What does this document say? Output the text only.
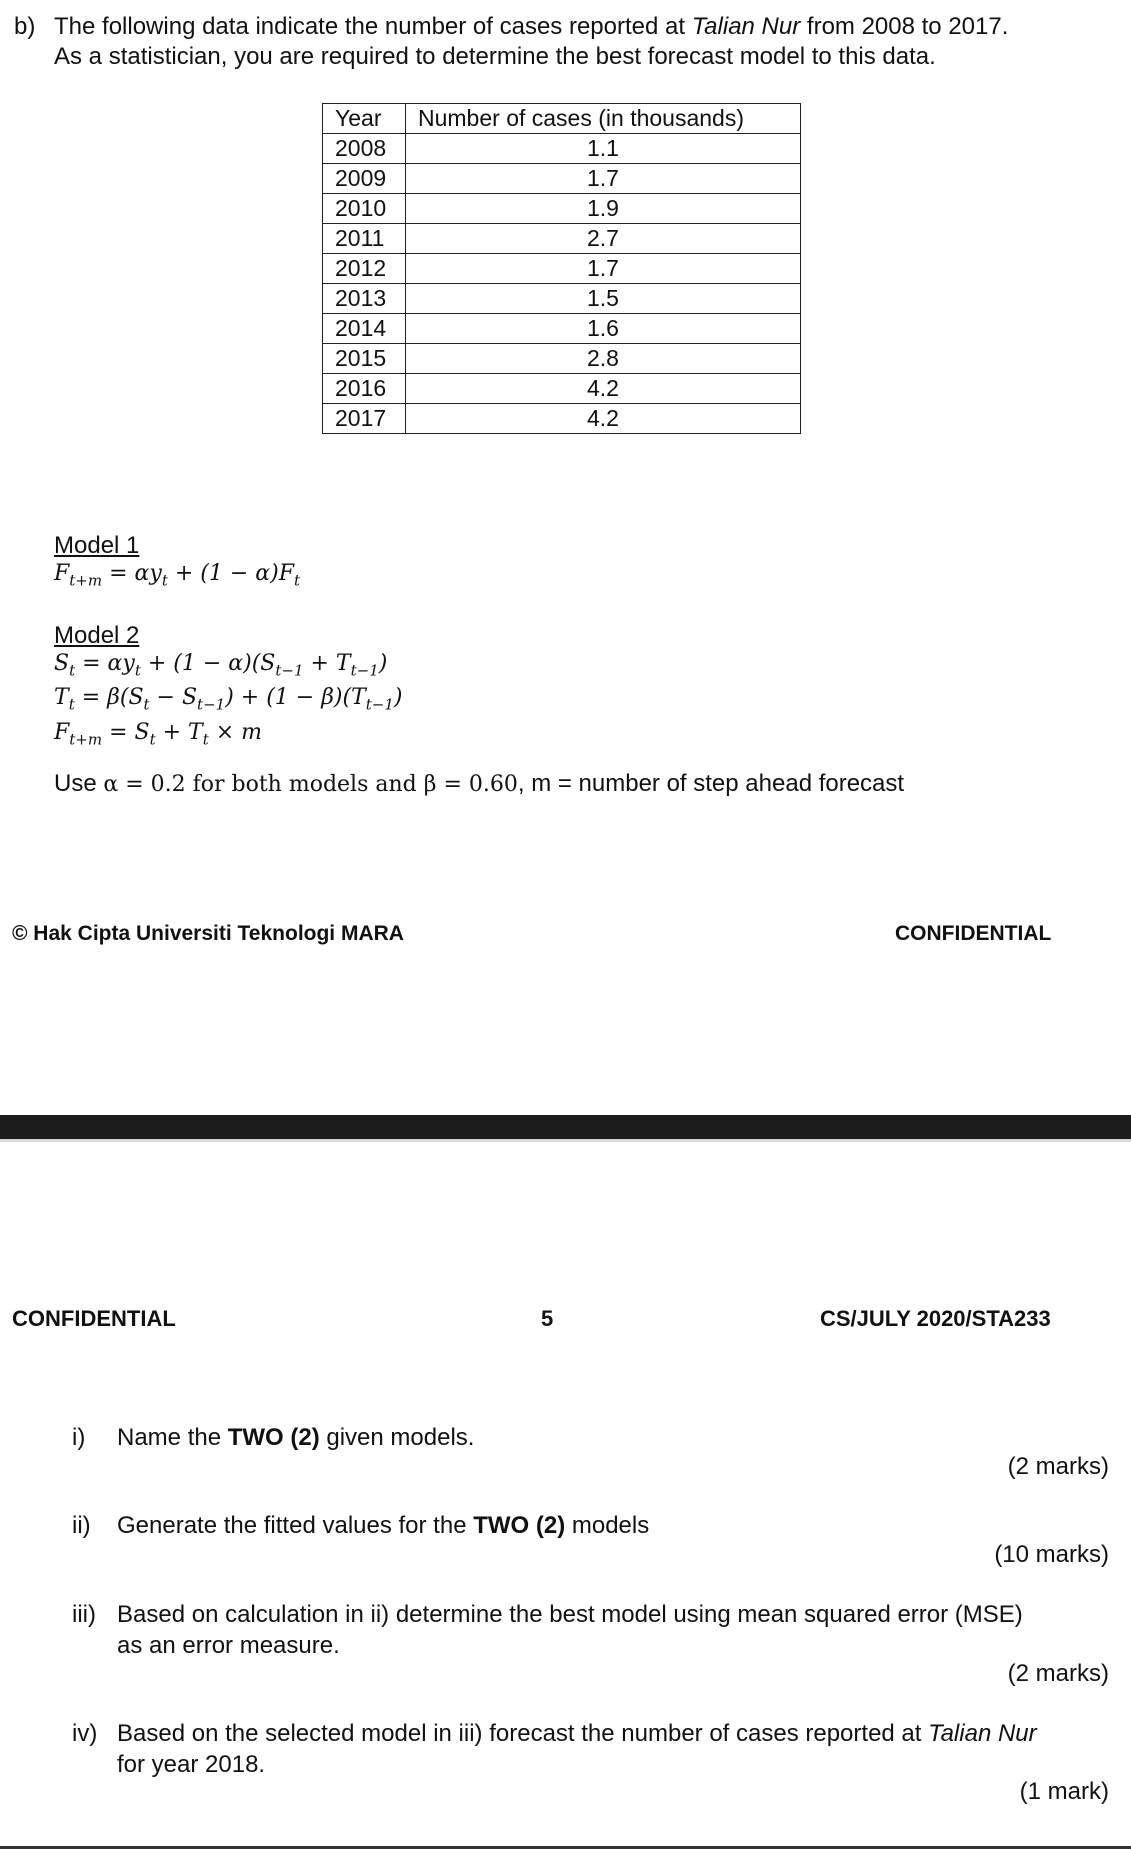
b) The following data indicate the number of cases reported at Talian Nur from 2008 to 2017.
As a statistician, you are required to determine the best forecast model to this data.
Year	Number of cases (in thousands)
2008	1.1
2009	1.7
2010	1.9
2011	2.7
2012	1.7
2013	1.5
2014	1.6
2015	2.8
2016	4.2
2017	4.2
Model 1
$F_{t+m} = \alpha y_t + (1 - \alpha)F_t$
Model 2
$S_t = \alpha y_t + (1 - \alpha)(S_{t-1} + T_{t-1})$
$T_t = \beta(S_t - S_{t-1}) + (1 - \beta)(T_{t-1})$
$F_{t+m} = S_t + T_t \times m$
Use α = 0.2 for both models and β = 0.60, m = number of step ahead forecast
© Hak Cipta Universiti Teknologi MARA	CONFIDENTIAL
CONFIDENTIAL	5	CS/JULY 2020/STA233
i) Name the TWO (2) given models.
(2 marks)
ii) Generate the fitted values for the TWO (2) models
(10 marks)
iii) Based on calculation in ii) determine the best model using mean squared error (MSE)
as an error measure.
(2 marks)
iv) Based on the selected model in iii) forecast the number of cases reported at Talian Nur
for year 2018.
(1 mark)
